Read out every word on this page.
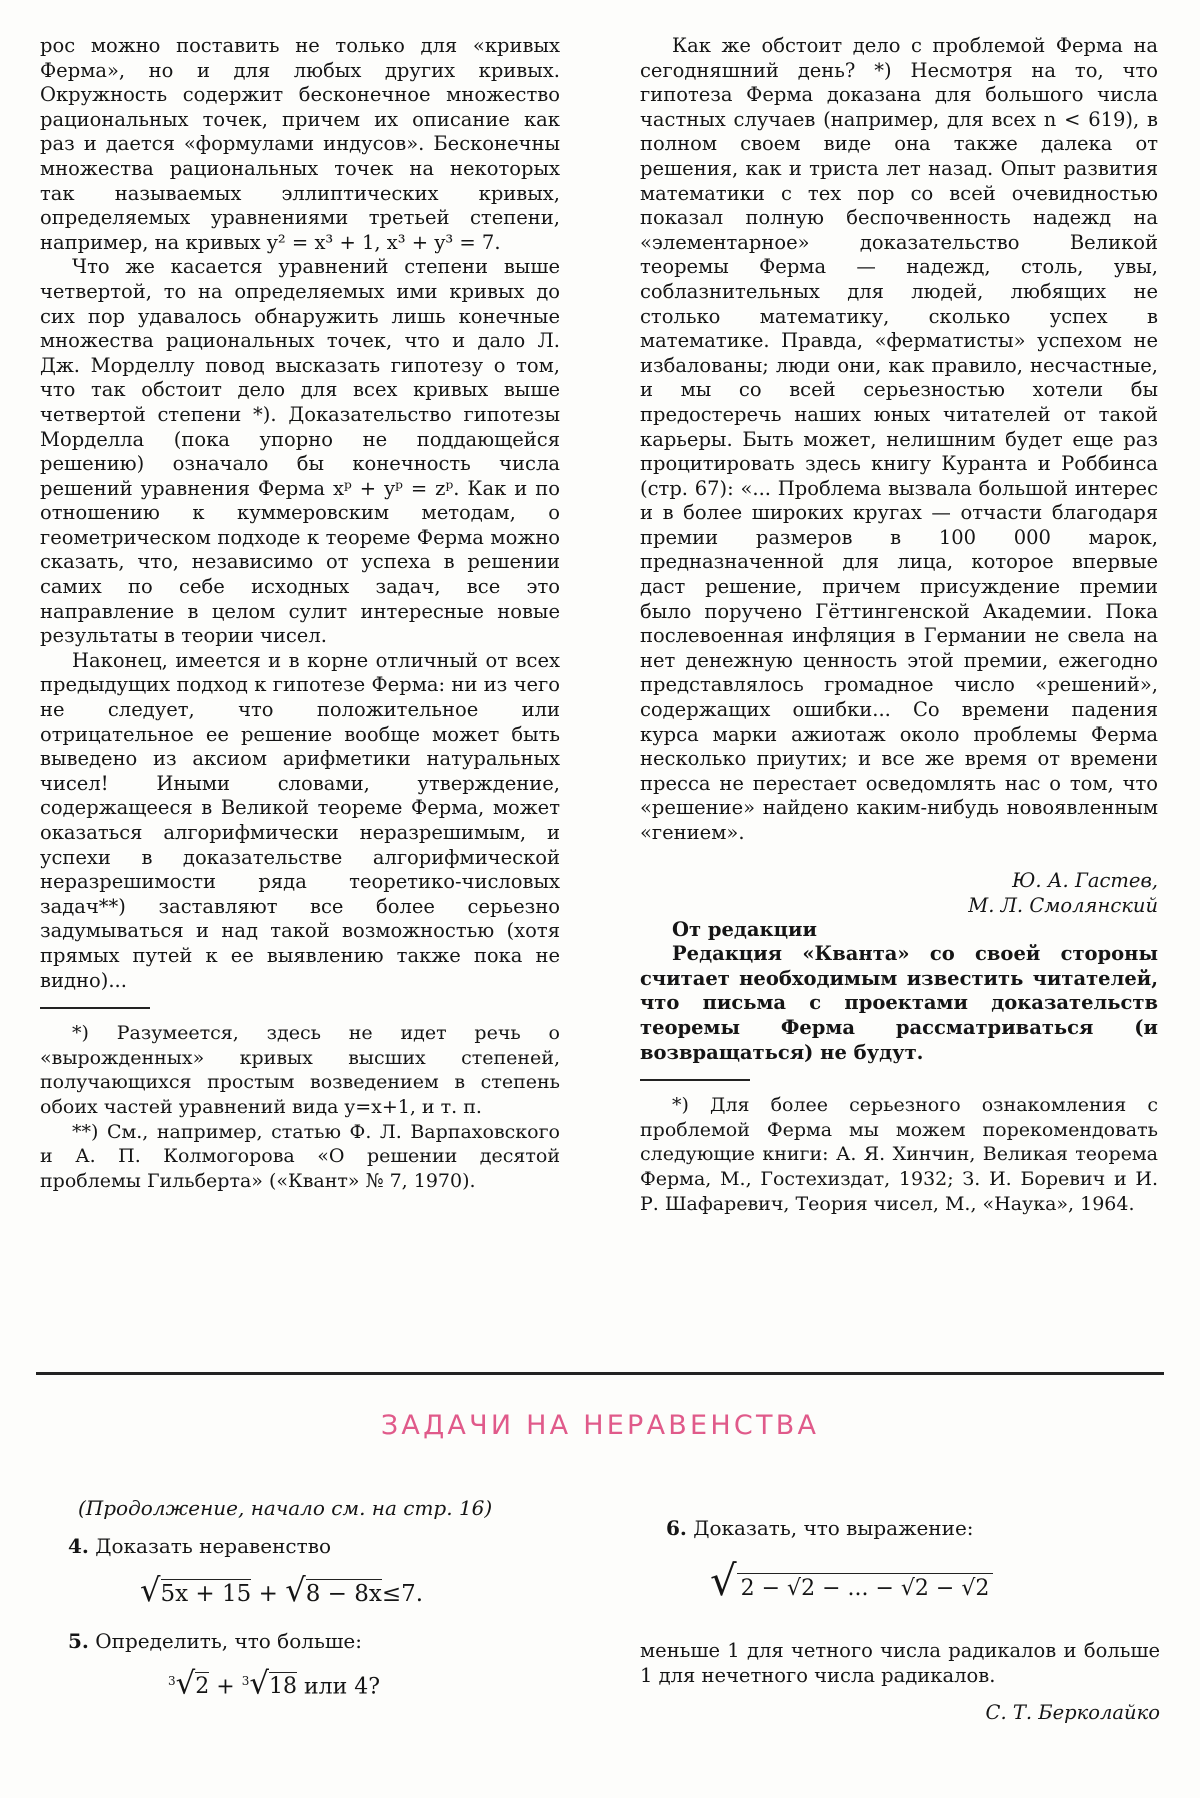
рос можно поставить не только для «кривых Ферма», но и для любых других кривых. Окружность содержит бесконечное множество рациональных точек, причем их описание как раз и дается «формулами индусов». Бесконечны множества рациональных точек на некоторых так называемых эллиптических кривых, определяемых уравнениями третьей степени, например, на кривых y² = x³ + 1, x³ + y³ = 7.

Что же касается уравнений степени выше четвертой, то на определяемых ими кривых до сих пор удавалось обнаружить лишь конечные множества рациональных точек, что и дало Л. Дж. Морделлу повод высказать гипотезу о том, что так обстоит дело для всех кривых выше четвертой степени *). Доказательство гипотезы Морделла (пока упорно не поддающейся решению) означало бы конечность числа решений уравнения Ферма xᵖ + yᵖ = zᵖ. Как и по отношению к куммеровским методам, о геометрическом подходе к теореме Ферма можно сказать, что, независимо от успеха в решении самих по себе исходных задач, все это направление в целом сулит интересные новые результаты в теории чисел.

Наконец, имеется и в корне отличный от всех предыдущих подход к гипотезе Ферма: ни из чего не следует, что положительное или отрицательное ее решение вообще может быть выведено из аксиом арифметики натуральных чисел! Иными словами, утверждение, содержащееся в Великой теореме Ферма, может оказаться алгорифмически неразрешимым, и успехи в доказательстве алгорифмической неразрешимости ряда теоретико-числовых задач**) заставляют все более серьезно задумываться и над такой возможностью (хотя прямых путей к ее выявлению также пока не видно)...

*) Разумеется, здесь не идет речь о «вырожденных» кривых высших степеней, получающихся простым возведением в степень обоих частей уравнений вида y=x+1, и т. п.

**) См., например, статью Ф. Л. Варпаховского и А. П. Колмогорова «О решении десятой проблемы Гильберта» («Квант» № 7, 1970).

Как же обстоит дело с проблемой Ферма на сегодняшний день? *) Несмотря на то, что гипотеза Ферма доказана для большого числа частных случаев (например, для всех n < 619), в полном своем виде она также далека от решения, как и триста лет назад. Опыт развития математики с тех пор со всей очевидностью показал полную беспочвенность надежд на «элементарное» доказательство Великой теоремы Ферма — надежд, столь, увы, соблазнительных для людей, любящих не столько математику, сколько успех в математике. Правда, «ферматисты» успехом не избалованы; люди они, как правило, несчастные, и мы со всей серьезностью хотели бы предостеречь наших юных читателей от такой карьеры. Быть может, нелишним будет еще раз процитировать здесь книгу Куранта и Роббинса (стр. 67): «... Проблема вызвала большой интерес и в более широких кругах — отчасти благодаря премии размеров в 100 000 марок, предназначенной для лица, которое впервые даст решение, причем присуждение премии было поручено Гёттингенской Академии. Пока послевоенная инфляция в Германии не свела на нет денежную ценность этой премии, ежегодно представлялось громадное число «решений», содержащих ошибки... Со времени падения курса марки ажиотаж около проблемы Ферма несколько приутих; и все же время от времени пресса не перестает осведомлять нас о том, что «решение» найдено каким-нибудь новоявленным «гением».

Ю. А. Гастев,

М. Л. Смолянский

От редакции

Редакция «Кванта» со своей стороны считает необходимым известить читателей, что письма с проектами доказательств теоремы Ферма рассматриваться (и возвращаться) не будут.

*) Для более серьезного ознакомления с проблемой Ферма мы можем порекомендовать следующие книги: А. Я. Хинчин, Великая теорема Ферма, М., Гостехиздат, 1932; З. И. Боревич и И. Р. Шафаревич, Теория чисел, М., «Наука», 1964.

ЗАДАЧИ НА НЕРАВЕНСТВА
(Продолжение, начало см. на стр. 16)
4. Доказать неравенство
√5x + 15 + √8 − 8x≤7.
5. Определить, что больше:
$^3$√2 + $^3$√18 или 4?
6. Доказать, что выражение:
√ 2 − √2 − ... − √2 − √2
меньше 1 для четного числа радикалов и больше 1 для нечетного числа радикалов.
С. Т. Берколайко
